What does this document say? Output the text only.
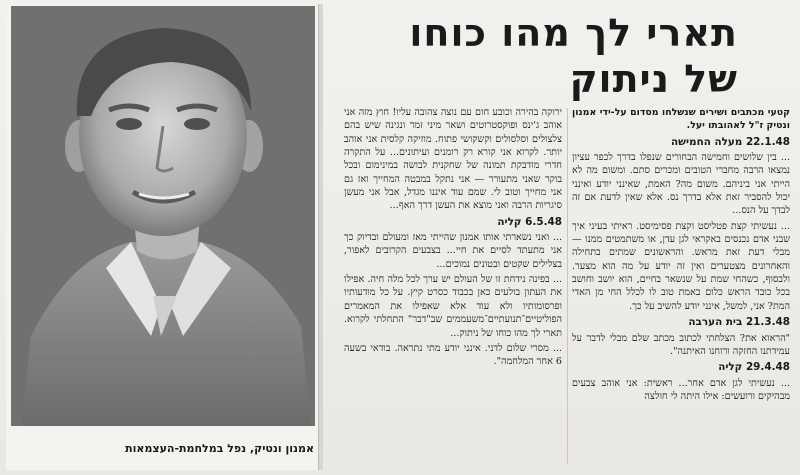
אמנון ונטיק, נפל במלחמת-העצמאות
תארי לך מהו כוחו
של ניתוק

קטעי מכתבים ושירים שנשלחו מסדום על-ידי אמנון ונטיק ז"ל לאהובתו יעל.

22.1.48 מעלה החמישה

... בין שלושים וחמישה הבחורים שנפלו בדרך לכפר עציון נמצאו הרבה מחברי הטובים ומכרים סתם. ומשום מה לא הייתי אני ביניהם. משום מה? האמת, שאינני יודע ואינני יכול להסביר זאת אלא בדרך נס. אלא שאין לדעת אם זה לבדך על הנס...

... נעשיתי קצת פטליסט וקצת פסימיסט. ראיתי בעיני איך שבני אדם נכנסים באקראי לגן עדן, או משתמטים ממנו — מבלי דעת זאת מראש. והראשונים שמתים בתחילה והאחרונים מצטערים ואין זה יודע על מה הוא מצער. ולבסוף, כשהחי שמת על שנשאר בחיים, הוא יושב וחושב בכל כובד הראש כלום באמת טוב לו לכלל החי מן האדי המת? אני, למשל, אינני יודע להשיב על כך.

21.3.48 בית הערבה

"הראוא את? הצלחתי לכתוב מכתב שלם מבלי לדבר על עמידתנו החזקה ורוחנו האיתנה".

29.4.48 קליה

... נעשיתי לגן אדם אחר... ראשית: אני אוהב צבעים מבהיקים ורועשים: אילו היתה לי חולצה

ירוקה בהירה וכובע חום עם נוצה צהובה עליו! חוץ מזה אני אוהב ג'ינס ופוקסטרוטים ושאר מיני זמר ונגינה שיש בהם צלצולים וסלסולים וקשקושי פתוח. מוזיקה קלסית אני אוהב יותר. לקרוא אני קורא רק רומנים ועיתונים... על התקרה חדרי מודבקת תמונה של שחקנית לבושה במינימום ובכל בוקר שאני מתעורר — אני נתקל במבטה המחייך ואז גם אני מחייך וטוב לי. שמם עוד איננו מגדל, אבל אני מעשן סיגריות הרבה ואני מוצא את העשן דרך האף...

6.5.48 קליה

... ואני נשארתי אותו אמנון שהייתי מאז ומעולם ובדיוק כך אני מתעתד לסיים את חיי... בצבעים הקרובים לאפור, בצלילים שקטים ובטונים נמוכים...

... בפינה נידחת זו של העולם יש ערך לכל מלה חיה. אפילו את העתון בולעים כאן בכבוד כסרט קיץ. על כל מודעותיו ופרסומותיו ולא עוד אלא שאפילו את המאמרים הפוליטיים־תנועתיים־משעממים שב"דבר" התחלתי לקרוא. תארי לך מהו כוחו של ניתוק...

... מסרי שלום לדני. אינני יודע מתי נתראה. בודאי בשעה 6 אחר המלחמה".
